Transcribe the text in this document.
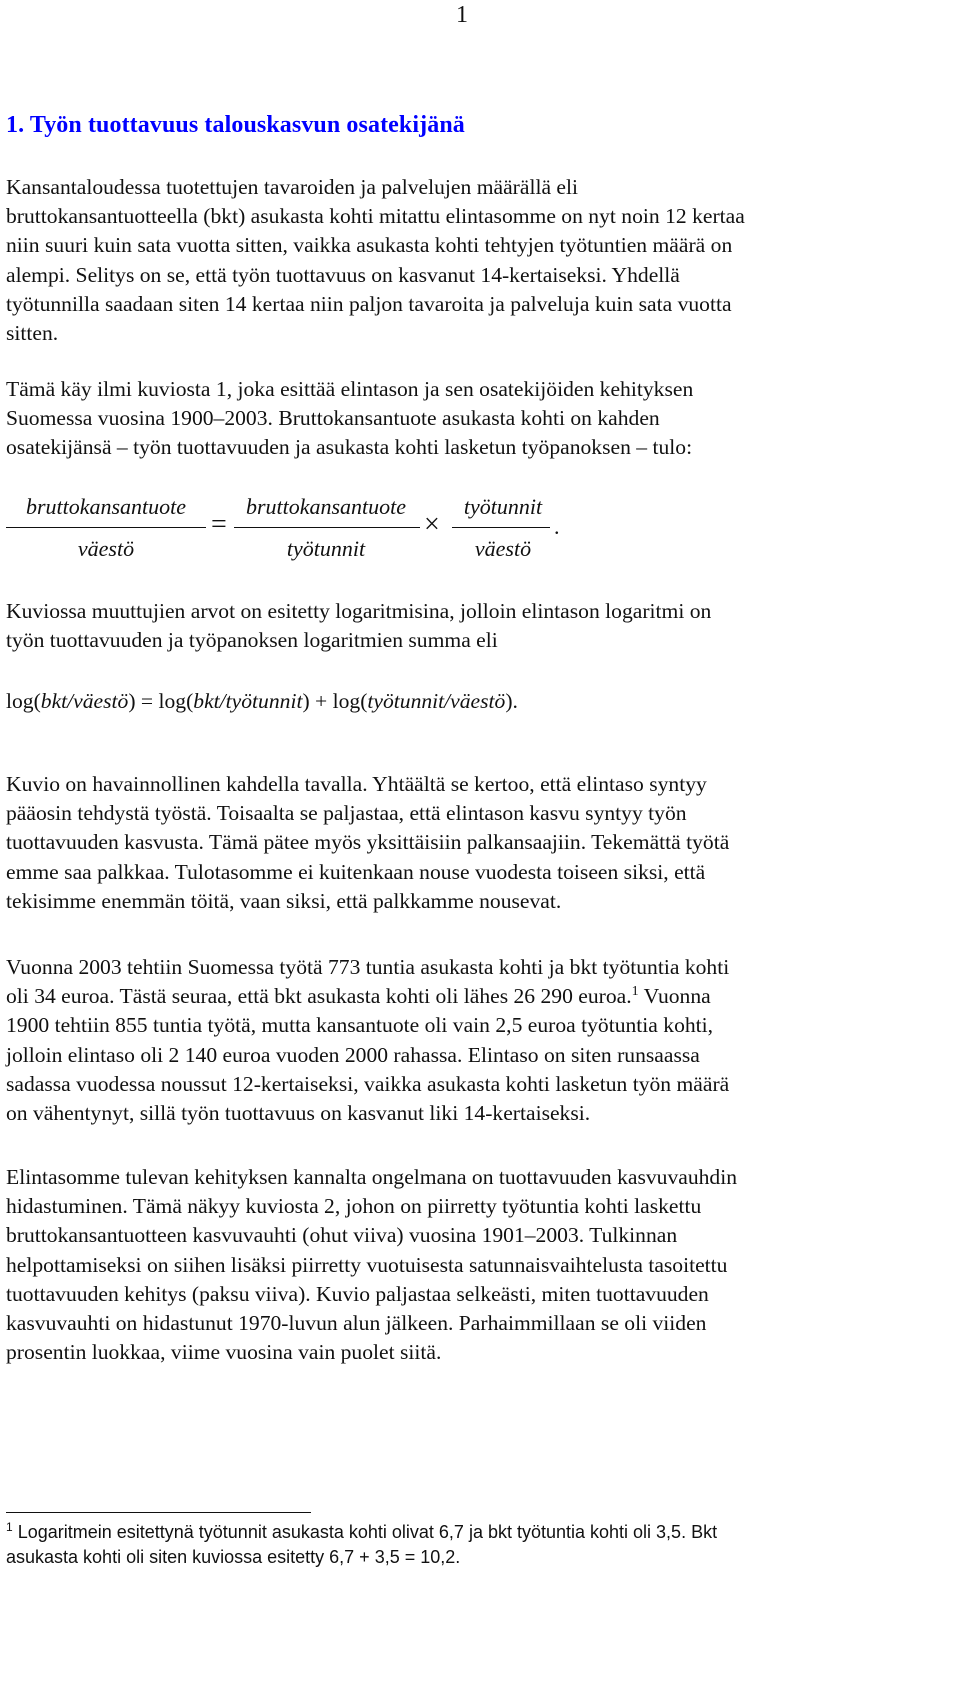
1
1. Työn tuottavuus talouskasvun osatekijänä

Kansantaloudessa tuotettujen tavaroiden ja palvelujen määrällä eli
bruttokansantuotteella (bkt) asukasta kohti mitattu elintasomme on nyt noin 12 kertaa
niin suuri kuin sata vuotta sitten, vaikka asukasta kohti tehtyjen työtuntien määrä on
alempi. Selitys on se, että työn tuottavuus on kasvanut 14-kertaiseksi. Yhdellä
työtunnilla saadaan siten 14 kertaa niin paljon tavaroita ja palveluja kuin sata vuotta
sitten.

Tämä käy ilmi kuviosta 1, joka esittää elintason ja sen osatekijöiden kehityksen
Suomessa vuosina 1900–2003. Bruttokansantuote asukasta kohti on kahden
osatekijänsä – työn tuottavuuden ja asukasta kohti lasketun työpanoksen – tulo:

bruttokansantuote
väestö
=
bruttokansantuote
työtunnit
×
työtunnit
väestö
.

Kuviossa muuttujien arvot on esitetty logaritmisina, jolloin elintason logaritmi on
työn tuottavuuden ja työpanoksen logaritmien summa eli

log(bkt/väestö) = log(bkt/työtunnit) + log(työtunnit/väestö).

Kuvio on havainnollinen kahdella tavalla. Yhtäältä se kertoo, että elintaso syntyy
pääosin tehdystä työstä. Toisaalta se paljastaa, että elintason kasvu syntyy työn
tuottavuuden kasvusta. Tämä pätee myös yksittäisiin palkansaajiin. Tekemättä työtä
emme saa palkkaa. Tulotasomme ei kuitenkaan nouse vuodesta toiseen siksi, että
tekisimme enemmän töitä, vaan siksi, että palkkamme nousevat.

Vuonna 2003 tehtiin Suomessa työtä 773 tuntia asukasta kohti ja bkt työtuntia kohti
oli 34 euroa. Tästä seuraa, että bkt asukasta kohti oli lähes 26 290 euroa.$^1$ Vuonna
1900 tehtiin 855 tuntia työtä, mutta kansantuote oli vain 2,5 euroa työtuntia kohti,
jolloin elintaso oli 2 140 euroa vuoden 2000 rahassa. Elintaso on siten runsaassa
sadassa vuodessa noussut 12-kertaiseksi, vaikka asukasta kohti lasketun työn määrä
on vähentynyt, sillä työn tuottavuus on kasvanut liki 14-kertaiseksi.

Elintasomme tulevan kehityksen kannalta ongelmana on tuottavuuden kasvuvauhdin
hidastuminen. Tämä näkyy kuviosta 2, johon on piirretty työtuntia kohti laskettu
bruttokansantuotteen kasvuvauhti (ohut viiva) vuosina 1901–2003. Tulkinnan
helpottamiseksi on siihen lisäksi piirretty vuotuisesta satunnaisvaihtelusta tasoitettu
tuottavuuden kehitys (paksu viiva). Kuvio paljastaa selkeästi, miten tuottavuuden
kasvuvauhti on hidastunut 1970-luvun alun jälkeen. Parhaimmillaan se oli viiden
prosentin luokkaa, viime vuosina vain puolet siitä.

$^1$ Logaritmein esitettynä työtunnit asukasta kohti olivat 6,7 ja bkt työtuntia kohti oli 3,5. Bkt
asukasta kohti oli siten kuviossa esitetty 6,7 + 3,5 = 10,2.
